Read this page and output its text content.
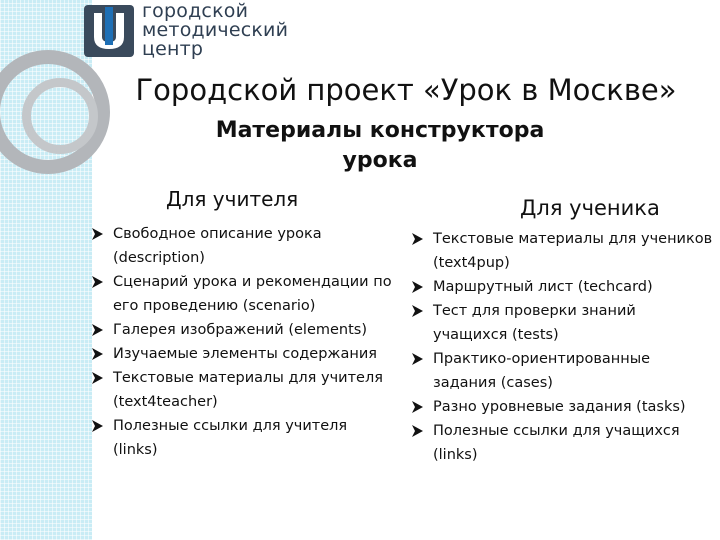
городской
методический
центр
Городской проект «Урок в Москве»
Материалы конструктора урока
Для учителя	Для ученика
Свободное описание урока (description)
Сценарий урока и рекомендации по его проведению (scenario)
Галерея изображений (elements)
Изучаемые элементы содержания
Текстовые материалы для учителя (text4teacher)
Полезные ссылки для учителя (links)
Текстовые материалы для учеников (text4pup)
Маршрутный лист (techcard)
Тест для проверки знаний учащихся (tests)
Практико-ориентированные задания (cases)
Разно уровневые задания (tasks)
Полезные ссылки для учащихся (links)
